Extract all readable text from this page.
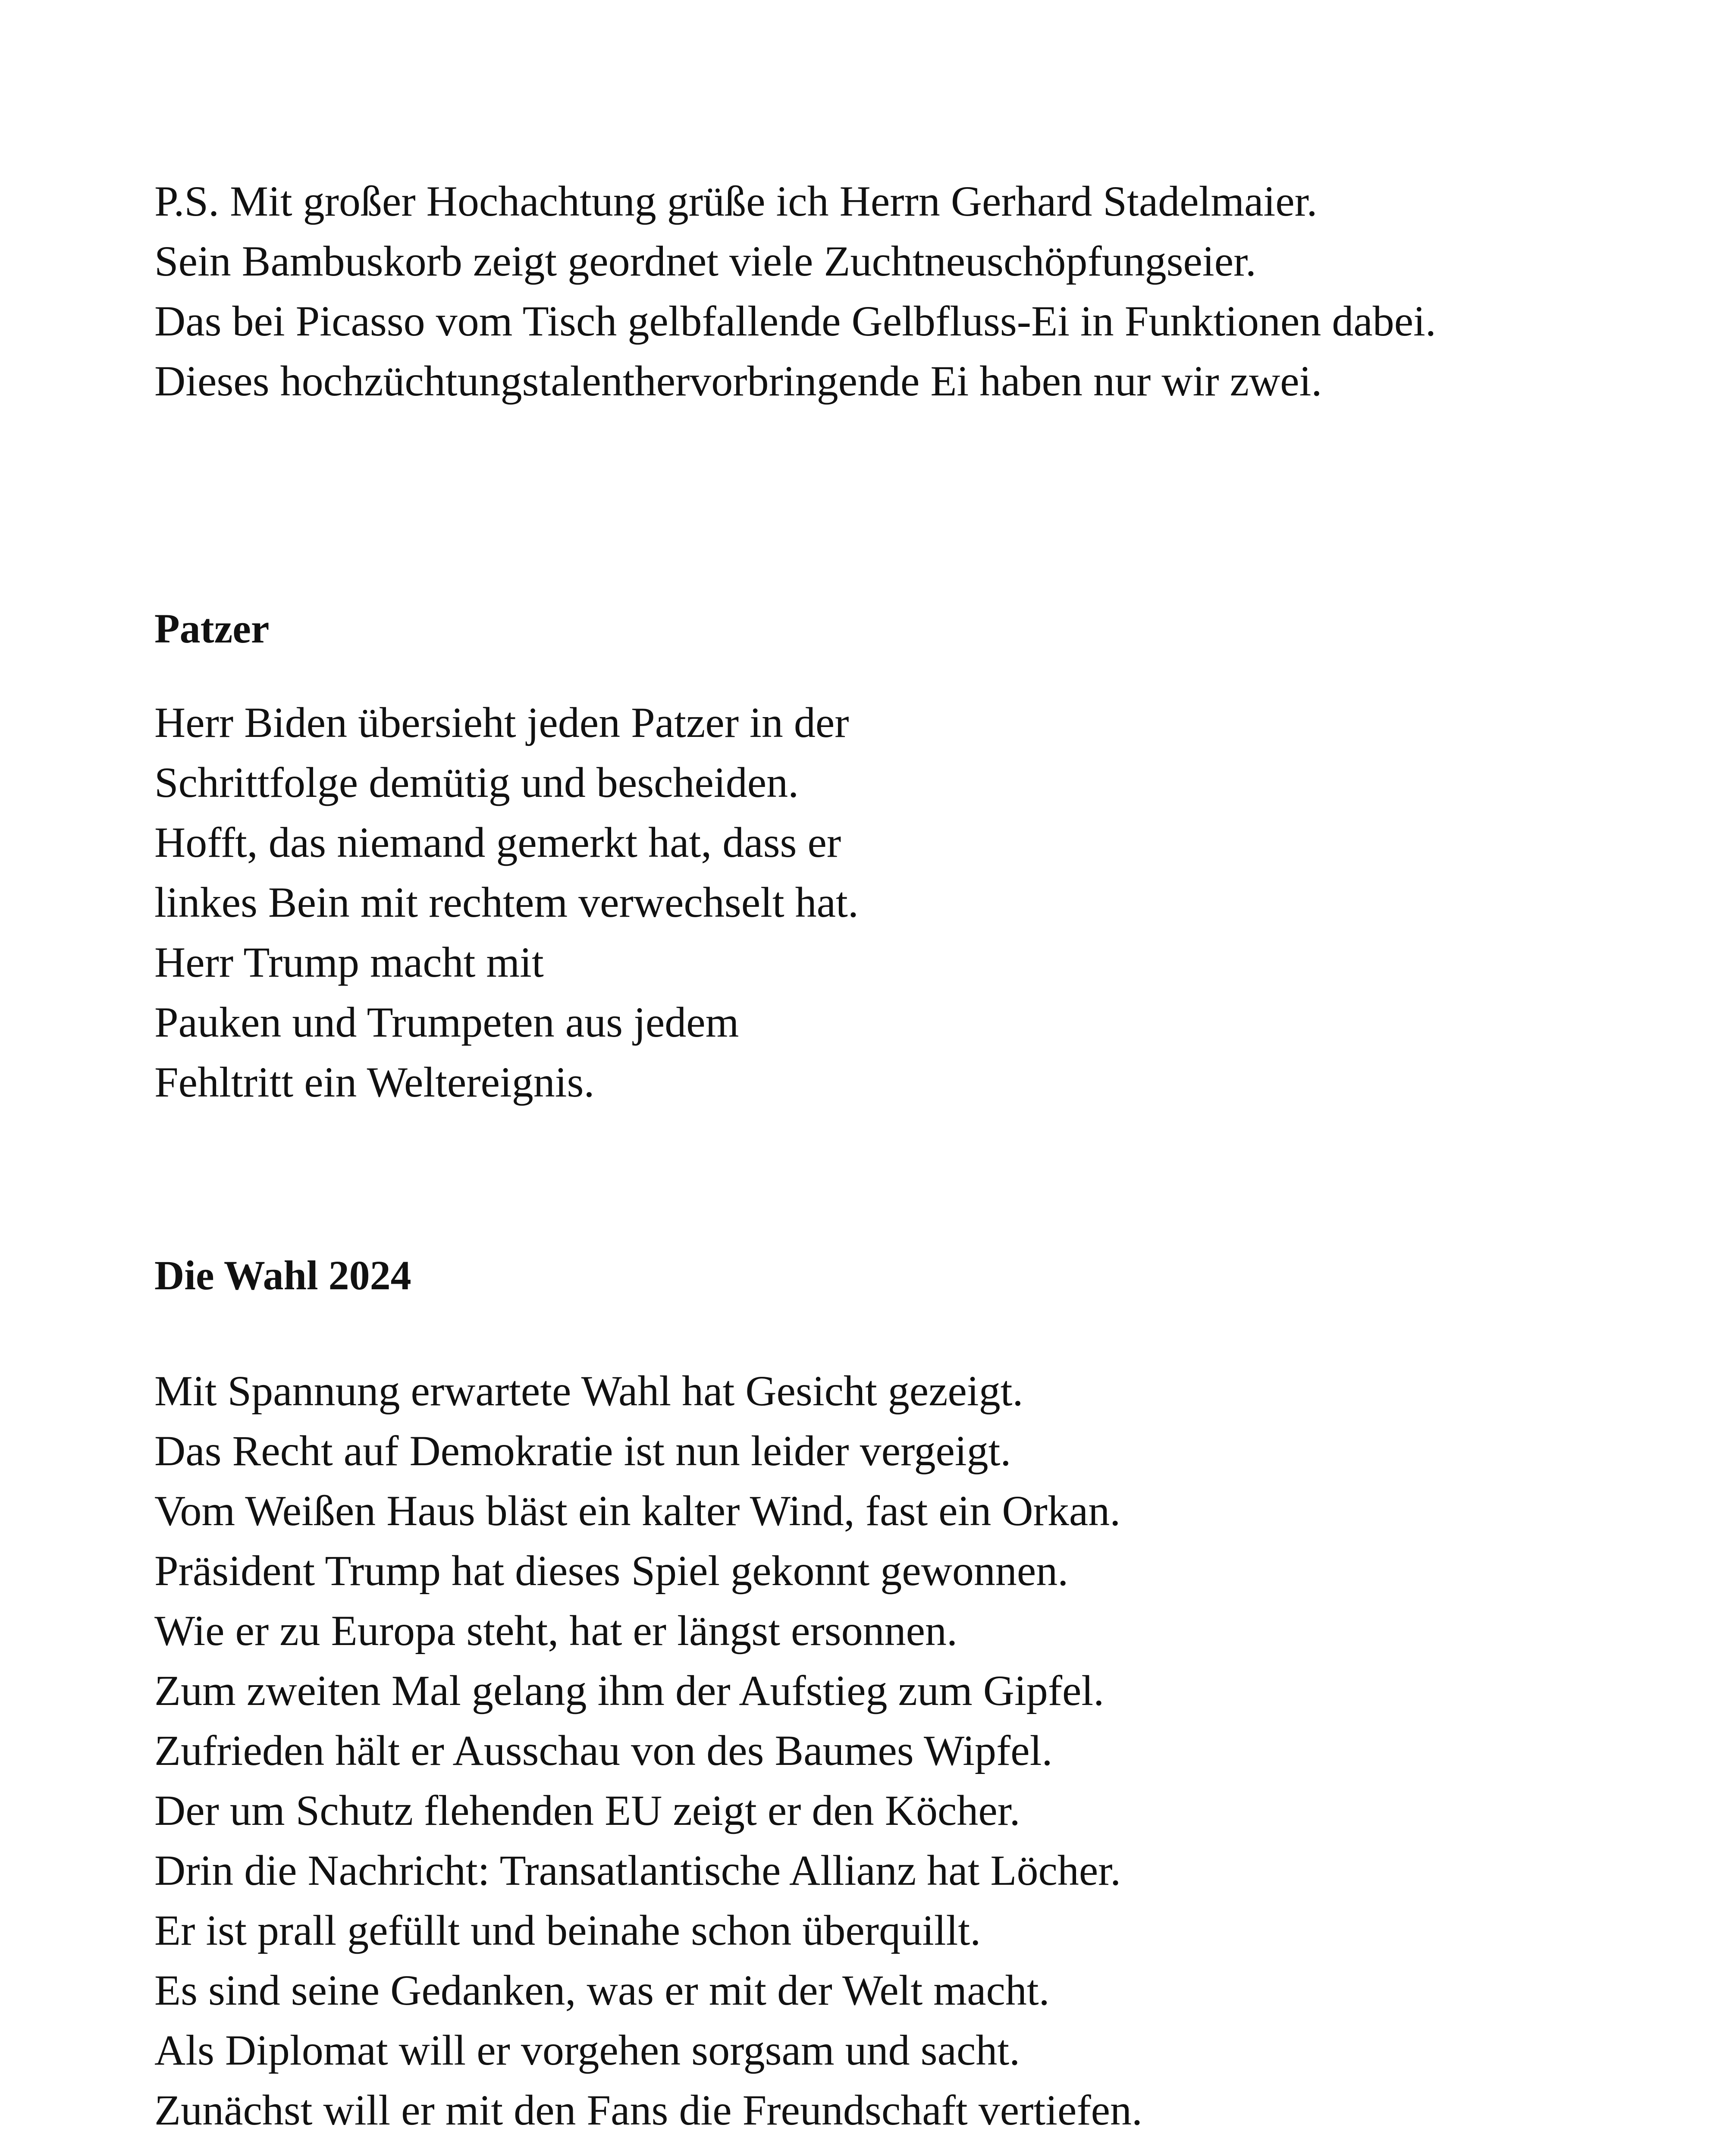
P.S. Mit großer Hochachtung grüße ich Herrn Gerhard Stadelmaier.
Sein Bambuskorb zeigt geordnet viele Zuchtneuschöpfungseier.
Das bei Picasso vom Tisch gelbfallende Gelbfluss-Ei in Funktionen dabei.
Dieses hochzüchtungstalenthervorbringende Ei haben nur wir zwei.
Patzer
Herr Biden übersieht jeden Patzer in der
Schrittfolge demütig und bescheiden.
Hofft, das niemand gemerkt hat, dass er
linkes Bein mit rechtem verwechselt hat.
Herr Trump macht mit
Pauken und Trumpeten aus jedem
Fehltritt ein Weltereignis.
Die Wahl 2024
Mit Spannung erwartete Wahl hat Gesicht gezeigt.
Das Recht auf Demokratie ist nun leider vergeigt.
Vom Weißen Haus bläst ein kalter Wind, fast ein Orkan.
Präsident Trump hat dieses Spiel gekonnt gewonnen.
Wie er zu Europa steht, hat er längst ersonnen.
Zum zweiten Mal gelang ihm der Aufstieg zum Gipfel.
Zufrieden hält er Ausschau von des Baumes Wipfel.
Der um Schutz flehenden EU zeigt er den Köcher.
Drin die Nachricht: Transatlantische Allianz hat Löcher.
Er ist prall gefüllt und beinahe schon überquillt.
Es sind seine Gedanken, was er mit der Welt macht.
Als Diplomat will er vorgehen sorgsam und sacht.
Zunächst will er mit den Fans die Freundschaft vertiefen.
